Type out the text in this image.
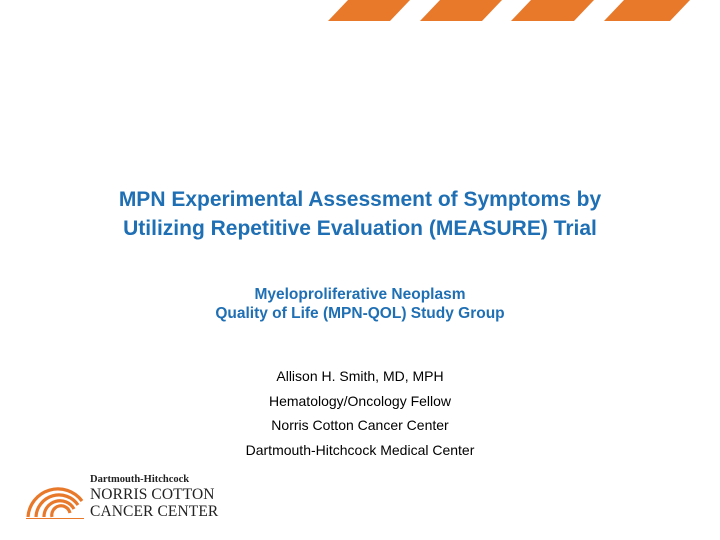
MPN Experimental Assessment of Symptoms by
Utilizing Repetitive Evaluation (MEASURE) Trial
Myeloproliferative Neoplasm
Quality of Life (MPN-QOL) Study Group
Allison H. Smith, MD, MPH
Hematology/Oncology Fellow
Norris Cotton Cancer Center
Dartmouth-Hitchcock Medical Center
Dartmouth-Hitchcock
NORRIS COTTON
CANCER CENTER
